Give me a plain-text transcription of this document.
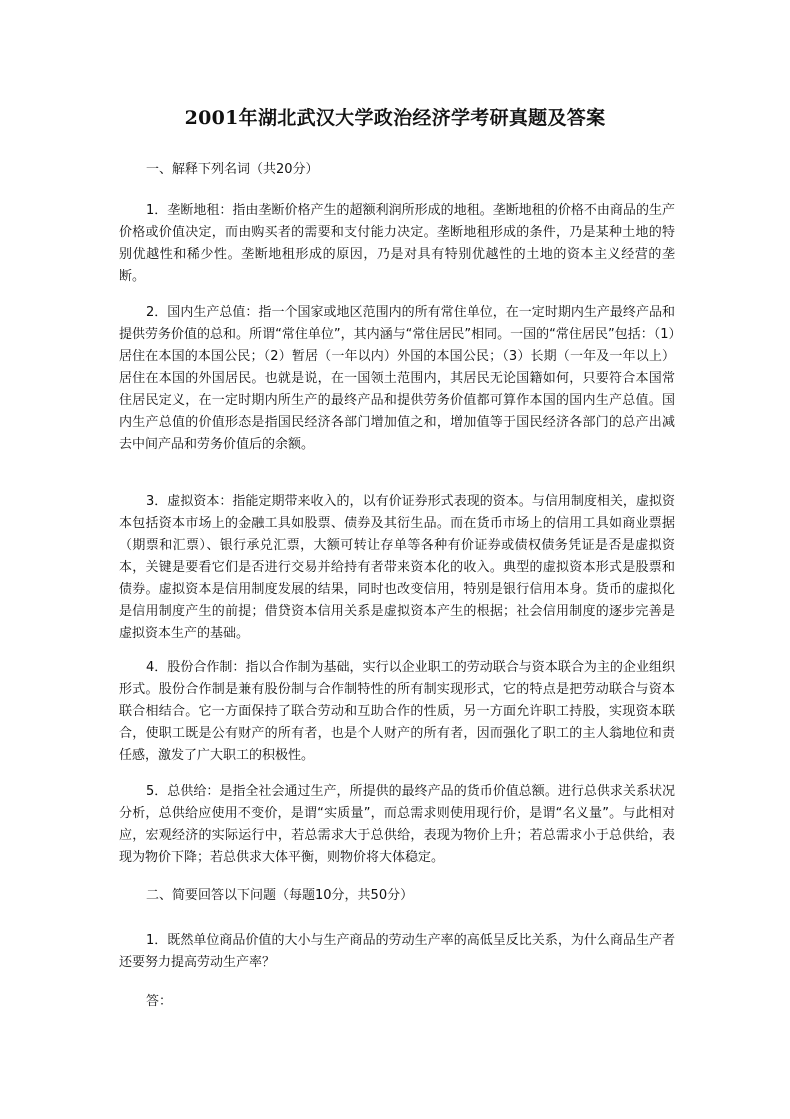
2001年湖北武汉大学政治经济学考研真题及答案
一、解释下列名词（共20分）
1．垄断地租：指由垄断价格产生的超额利润所形成的地租。垄断地租的价格不由商品的生产价格或价值决定，而由购买者的需要和支付能力决定。垄断地租形成的条件，乃是某种土地的特别优越性和稀少性。垄断地租形成的原因，乃是对具有特别优越性的土地的资本主义经营的垄断。
2．国内生产总值：指一个国家或地区范围内的所有常住单位，在一定时期内生产最终产品和提供劳务价值的总和。所谓“常住单位”，其内涵与“常住居民”相同。一国的“常住居民”包括：（1）居住在本国的本国公民；（2）暂居（一年以内）外国的本国公民；（3）长期（一年及一年以上）居住在本国的外国居民。也就是说，在一国领土范围内，其居民无论国籍如何，只要符合本国常住居民定义，在一定时期内所生产的最终产品和提供劳务价值都可算作本国的国内生产总值。国内生产总值的价值形态是指国民经济各部门增加值之和，增加值等于国民经济各部门的总产出减去中间产品和劳务价值后的余额。
3．虚拟资本：指能定期带来收入的，以有价证券形式表现的资本。与信用制度相关，虚拟资本包括资本市场上的金融工具如股票、债券及其衍生品。而在货币市场上的信用工具如商业票据（期票和汇票）、银行承兑汇票，大额可转让存单等各种有价证券或债权债务凭证是否是虚拟资本，关键是要看它们是否进行交易并给持有者带来资本化的收入。典型的虚拟资本形式是股票和债券。虚拟资本是信用制度发展的结果，同时也改变信用，特别是银行信用本身。货币的虚拟化是信用制度产生的前提；借贷资本信用关系是虚拟资本产生的根据；社会信用制度的逐步完善是虚拟资本生产的基础。
4．股份合作制：指以合作制为基础，实行以企业职工的劳动联合与资本联合为主的企业组织形式。股份合作制是兼有股份制与合作制特性的所有制实现形式，它的特点是把劳动联合与资本联合相结合。它一方面保持了联合劳动和互助合作的性质，另一方面允许职工持股，实现资本联合，使职工既是公有财产的所有者，也是个人财产的所有者，因而强化了职工的主人翁地位和责任感，激发了广大职工的积极性。
5．总供给：是指全社会通过生产，所提供的最终产品的货币价值总额。进行总供求关系状况分析，总供给应使用不变价，是谓“实质量”，而总需求则使用现行价，是谓“名义量”。与此相对应，宏观经济的实际运行中，若总需求大于总供给，表现为物价上升；若总需求小于总供给，表现为物价下降；若总供求大体平衡，则物价将大体稳定。
二、简要回答以下问题（每题10分，共50分）
1．既然单位商品价值的大小与生产商品的劳动生产率的高低呈反比关系，为什么商品生产者还要努力提高劳动生产率？
答：
